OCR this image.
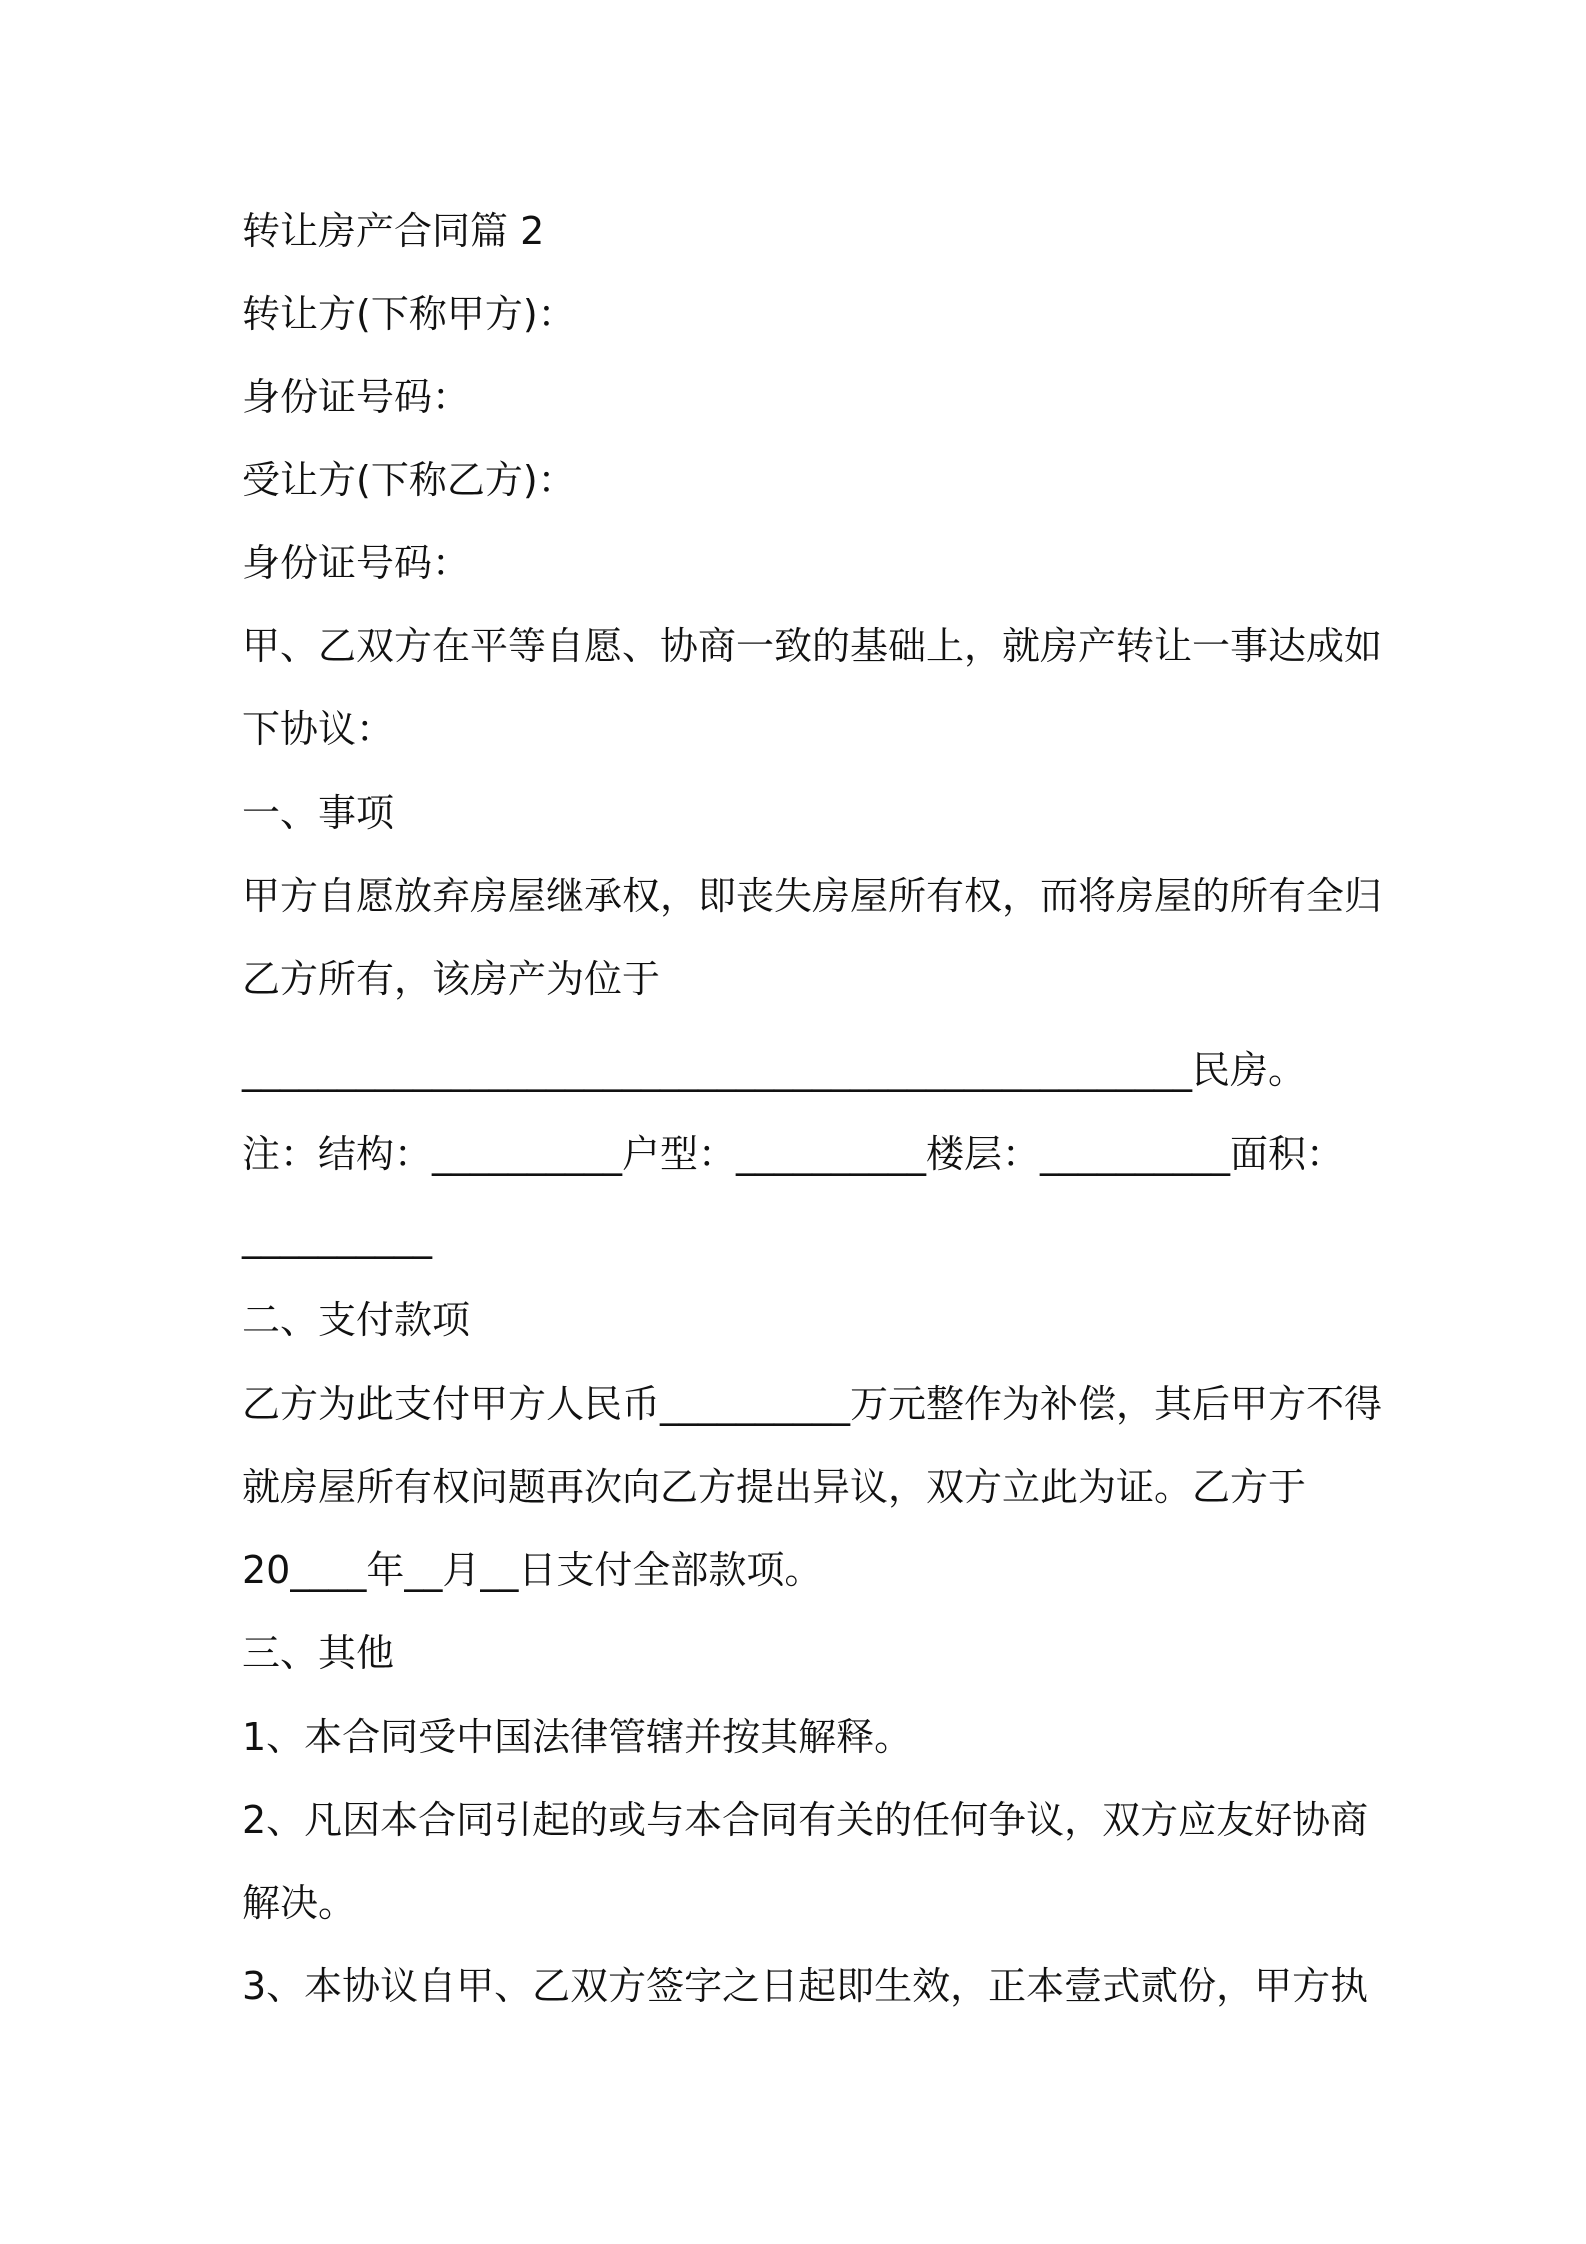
转让房产合同篇 2
转让方(下称甲方)：
身份证号码：
受让方(下称乙方)：
身份证号码：
甲、乙双方在平等自愿、协商一致的基础上，就房产转让一事达成如
下协议：
一、事项
甲方自愿放弃房屋继承权，即丧失房屋所有权，而将房屋的所有全归
乙方所有，该房产为位于
__________________________________________________民房。
注：结构：__________户型：__________楼层：__________面积：
__________
二、支付款项
乙方为此支付甲方人民币__________万元整作为补偿，其后甲方不得
就房屋所有权问题再次向乙方提出异议，双方立此为证。乙方于
20____年__月__日支付全部款项。
三、其他
1、本合同受中国法律管辖并按其解释。
2、凡因本合同引起的或与本合同有关的任何争议，双方应友好协商
解决。
3、本协议自甲、乙双方签字之日起即生效，正本壹式贰份，甲方执
